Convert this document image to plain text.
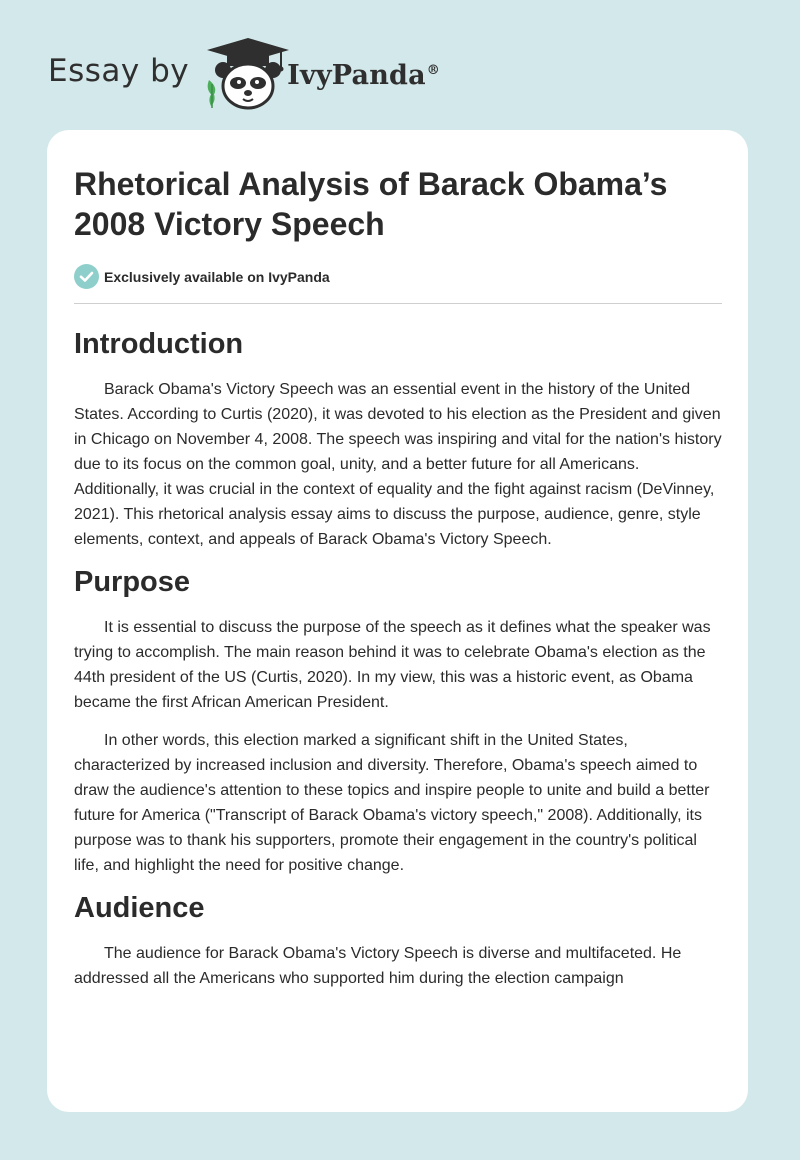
Essay by	IvyPanda®
Rhetorical Analysis of Barack Obama’s 2008 Victory Speech
Exclusively available on IvyPanda
Introduction

Barack Obama's Victory Speech was an essential event in the history of the United States. According to Curtis (2020), it was devoted to his election as the President and given in Chicago on November 4, 2008. The speech was inspiring and vital for the nation's history due to its focus on the common goal, unity, and a better future for all Americans. Additionally, it was crucial in the context of equality and the fight against racism (DeVinney, 2021). This rhetorical analysis essay aims to discuss the purpose, audience, genre, style elements, context, and appeals of Barack Obama's Victory Speech.

Purpose

It is essential to discuss the purpose of the speech as it defines what the speaker was trying to accomplish. The main reason behind it was to celebrate Obama's election as the 44th president of the US (Curtis, 2020). In my view, this was a historic event, as Obama became the first African American President.

In other words, this election marked a significant shift in the United States, characterized by increased inclusion and diversity. Therefore, Obama's speech aimed to draw the audience's attention to these topics and inspire people to unite and build a better future for America ("Transcript of Barack Obama's victory speech," 2008). Additionally, its purpose was to thank his supporters, promote their engagement in the country's political life, and highlight the need for positive change.

Audience

The audience for Barack Obama's Victory Speech is diverse and multifaceted. He addressed all the Americans who supported him during the election campaign
